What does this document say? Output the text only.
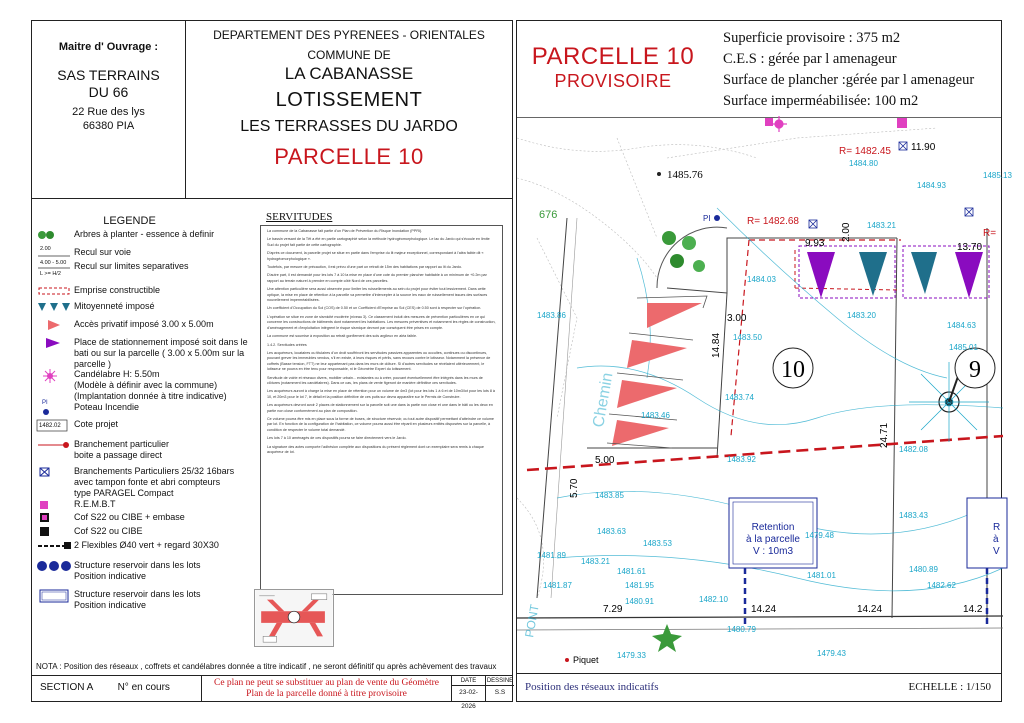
Maitre d' Ouvrage :
SAS TERRAINS
DU 66
22 Rue des lys
66380 PIA
DEPARTEMENT DES PYRENEES - ORIENTALES
COMMUNE DE
LA CABANASSE
LOTISSEMENT
LES TERRASSES DU JARDO
PARCELLE 10
LEGENDE
Arbres à planter - essence à definir
2.00	Recul sur voie
4.00 - 5.00
L >= H/2
Recul sur limites separatives
Emprise constructible
Mitoyenneté imposé
Accès privatif imposé 3.00 x 5.00m
Place de stationnement imposé soit dans le bati ou sur la parcelle ( 3.00 x 5.00m sur la parcelle )
Candélabre H: 5.50m
(Modèle à définir avec la commune)
(Implantation donnée à titre indicative)
PI	Poteau Incendie
1482.02 Cote projet
Branchement particulier
boite a passage direct
Branchements Particuliers 25/32 16bars
avec tampon fonte et abri compteurs
type PARAGEL Compact
R.E.M.B.T
Cof S22 ou CIBE + embase
Cof S22 ou CIBE
2 Flexibles Ø40 vert + regard 30X30
Structure reservoir dans les lots
Position indicative
Structure reservoir dans les lots
Position indicative
SERVITUDES

La commune de la Cabanasse fait partie d'un Plan de Prévention du Risque Inondation (PPRI).

Le bassin versant de la Têt a été en partie cartographié selon la méthode hydrogéomorphologique. Le lac du Jardo qui s'écoule en limite Sud du projet fait partie de cette cartographie.

D'après ce document, la parcelle projet se situe en partie dans l'emprise du lit majeur exceptionnel, correspondant à l'aléa faible dit « hydrogéomorphologique ».

Toutefois, par mesure de précaution, il est prévu d'une part un retrait de 15m des habitations par rapport au lit du Jardo.

D'autre part, il est demandé pour les lots 7 à 10 la mise en place d'une cote du premier plancher habitable à un minimum de +0.2m par rapport au terrain naturel à prendre en compte côté Nord de ces parcelles.

Une attention particulière sera aussi observée pour limiter les ruissellements au sein du projet pour éviter tout lessivement. Dans cette optique, la mise en place de rétention à la parcelle va permettre d'intercepter à la source les eaux de ruissellement issues des surfaces nouvellement imperméabilisées.

Un coefficient d'Occupation du Sol (COS) de 0.50 et un Coefficient d'Emprise au Sol (CES) de 0.50 sont à respecter sur l'opération.

L'opération se situe en zone de sismicité modérée (niveau 3). Ce classement induit des mesures de prévention particulières en ce qui concerne les constructions de bâtiments dont notamment les habitations. Les mesures préventives et notamment les règles de construction, d'aménagement et d'exploitation intègrent le risque sismique devront par conséquent être prises en compte.

La commune est soumise à exposition au retrait gonflement des sols argileux en aléa faible.

1.4.2. Servitudes créées

Les acquéreurs, locataires ou titulaires d'un droit souffriront les servitudes passives apparentes ou occultes, continues ou discontinues, pouvant grever les immeubles vendus, s'il en existe, à leurs risques et périls, sans recours contre le lotisseur. Notamment la présence de coffrets (Basse tension, FTT) ne leur appartenant pas dans les murs de clôture. Si d'autres servitudes se révélaient ultérieurement, le lotisseur ne pourra en être tenu pour responsable, ni le Géomètre Expert du lotissement.

Servitude de voirie et réseaux divers, mobilier urbain... existantes ou à créer, pouvant éventuellement être intégrés dans les murs de clôtures (notamment les candélabres). Dans ce cas, les plans de vente figeront de manière définitive ces servitudes.

Les acquéreurs auront à charge la mise en place de rétention pour un volume de 4m3 (lot pour les lots 1 à 6 et de 10m3/lot pour les lots 8 à 10, et 20m3 pour le lot 7, le détail et la position définitive de ces puits sur devra apparaître sur le Permis de Construire.

Les acquéreurs devront avoir 2 places de stationnement sur la parcelle soit une dans la partie non close et une dans le bâti ou les deux en partie non close conformément au plan de composition.

Ce volume pourra être mis en place sous la forme de buses, de structure réservoir, ou tout autre dispositif permettant d'atteindre ce volume par lot. En fonction de la configuration de l'habitation, ce volume pourra aussi être réparti en plusieurs entités disposées sur la parcelle, à condition de respecter le volume total demandé.

Les lots 7 à 10 aménagés de ces dispositifs pourra se faire directement vers le Jardo.

La signature des actes comporte l'adhésion complète aux dispositions du présent règlement dont un exemplaire sera remis à chaque acquéreur de lot.

NOTA : Position des réseaux , coffrets et candélabres donnée a titre indicatif , ne seront définitif qu après achèvement des travaux
SECTION A N° en cours	Ce plan ne peut se substituer au plan de vente du Géomètre
Plan de la parcelle donné à titre provisoire
DATE
23-02-2026
DESSINE
S.S
PARCELLE 10
PROVISOIRE
Superficie provisoire : 375 m2
C.E.S : gérée par l amenageur
Surface de plancher :gérée par l amenageur
Surface imperméabilisée: 100 m2
10	9
676
1485.76
R= 1482.45 11.90
R= 1482.68
9.93
2.00
13.70
R=
3.00
14.84
5.00
24.71
5.70
7.29	14.24	14.24	14.2
PI
Retention
à la parcelle
V : 10m3
R
à
V
Piquet
Chemin
PONT
1484.80
1484.03
1483.20
1483.50
1483.86
1483.74
1483.46
1483.92
1483.85
1483.63
1483.53
1483.21
1481.61
1481.95
1480.91	1482.10
1479.48
1479.43
1482.08
1483.43
1480.89
1482.62
1481.01
1480.79
1479.33
1481.89
1481.87
1484.63
1483.21
1484.93
1485.01
1485.13
Position des réseaux indicatifs	ECHELLE : 1/150
